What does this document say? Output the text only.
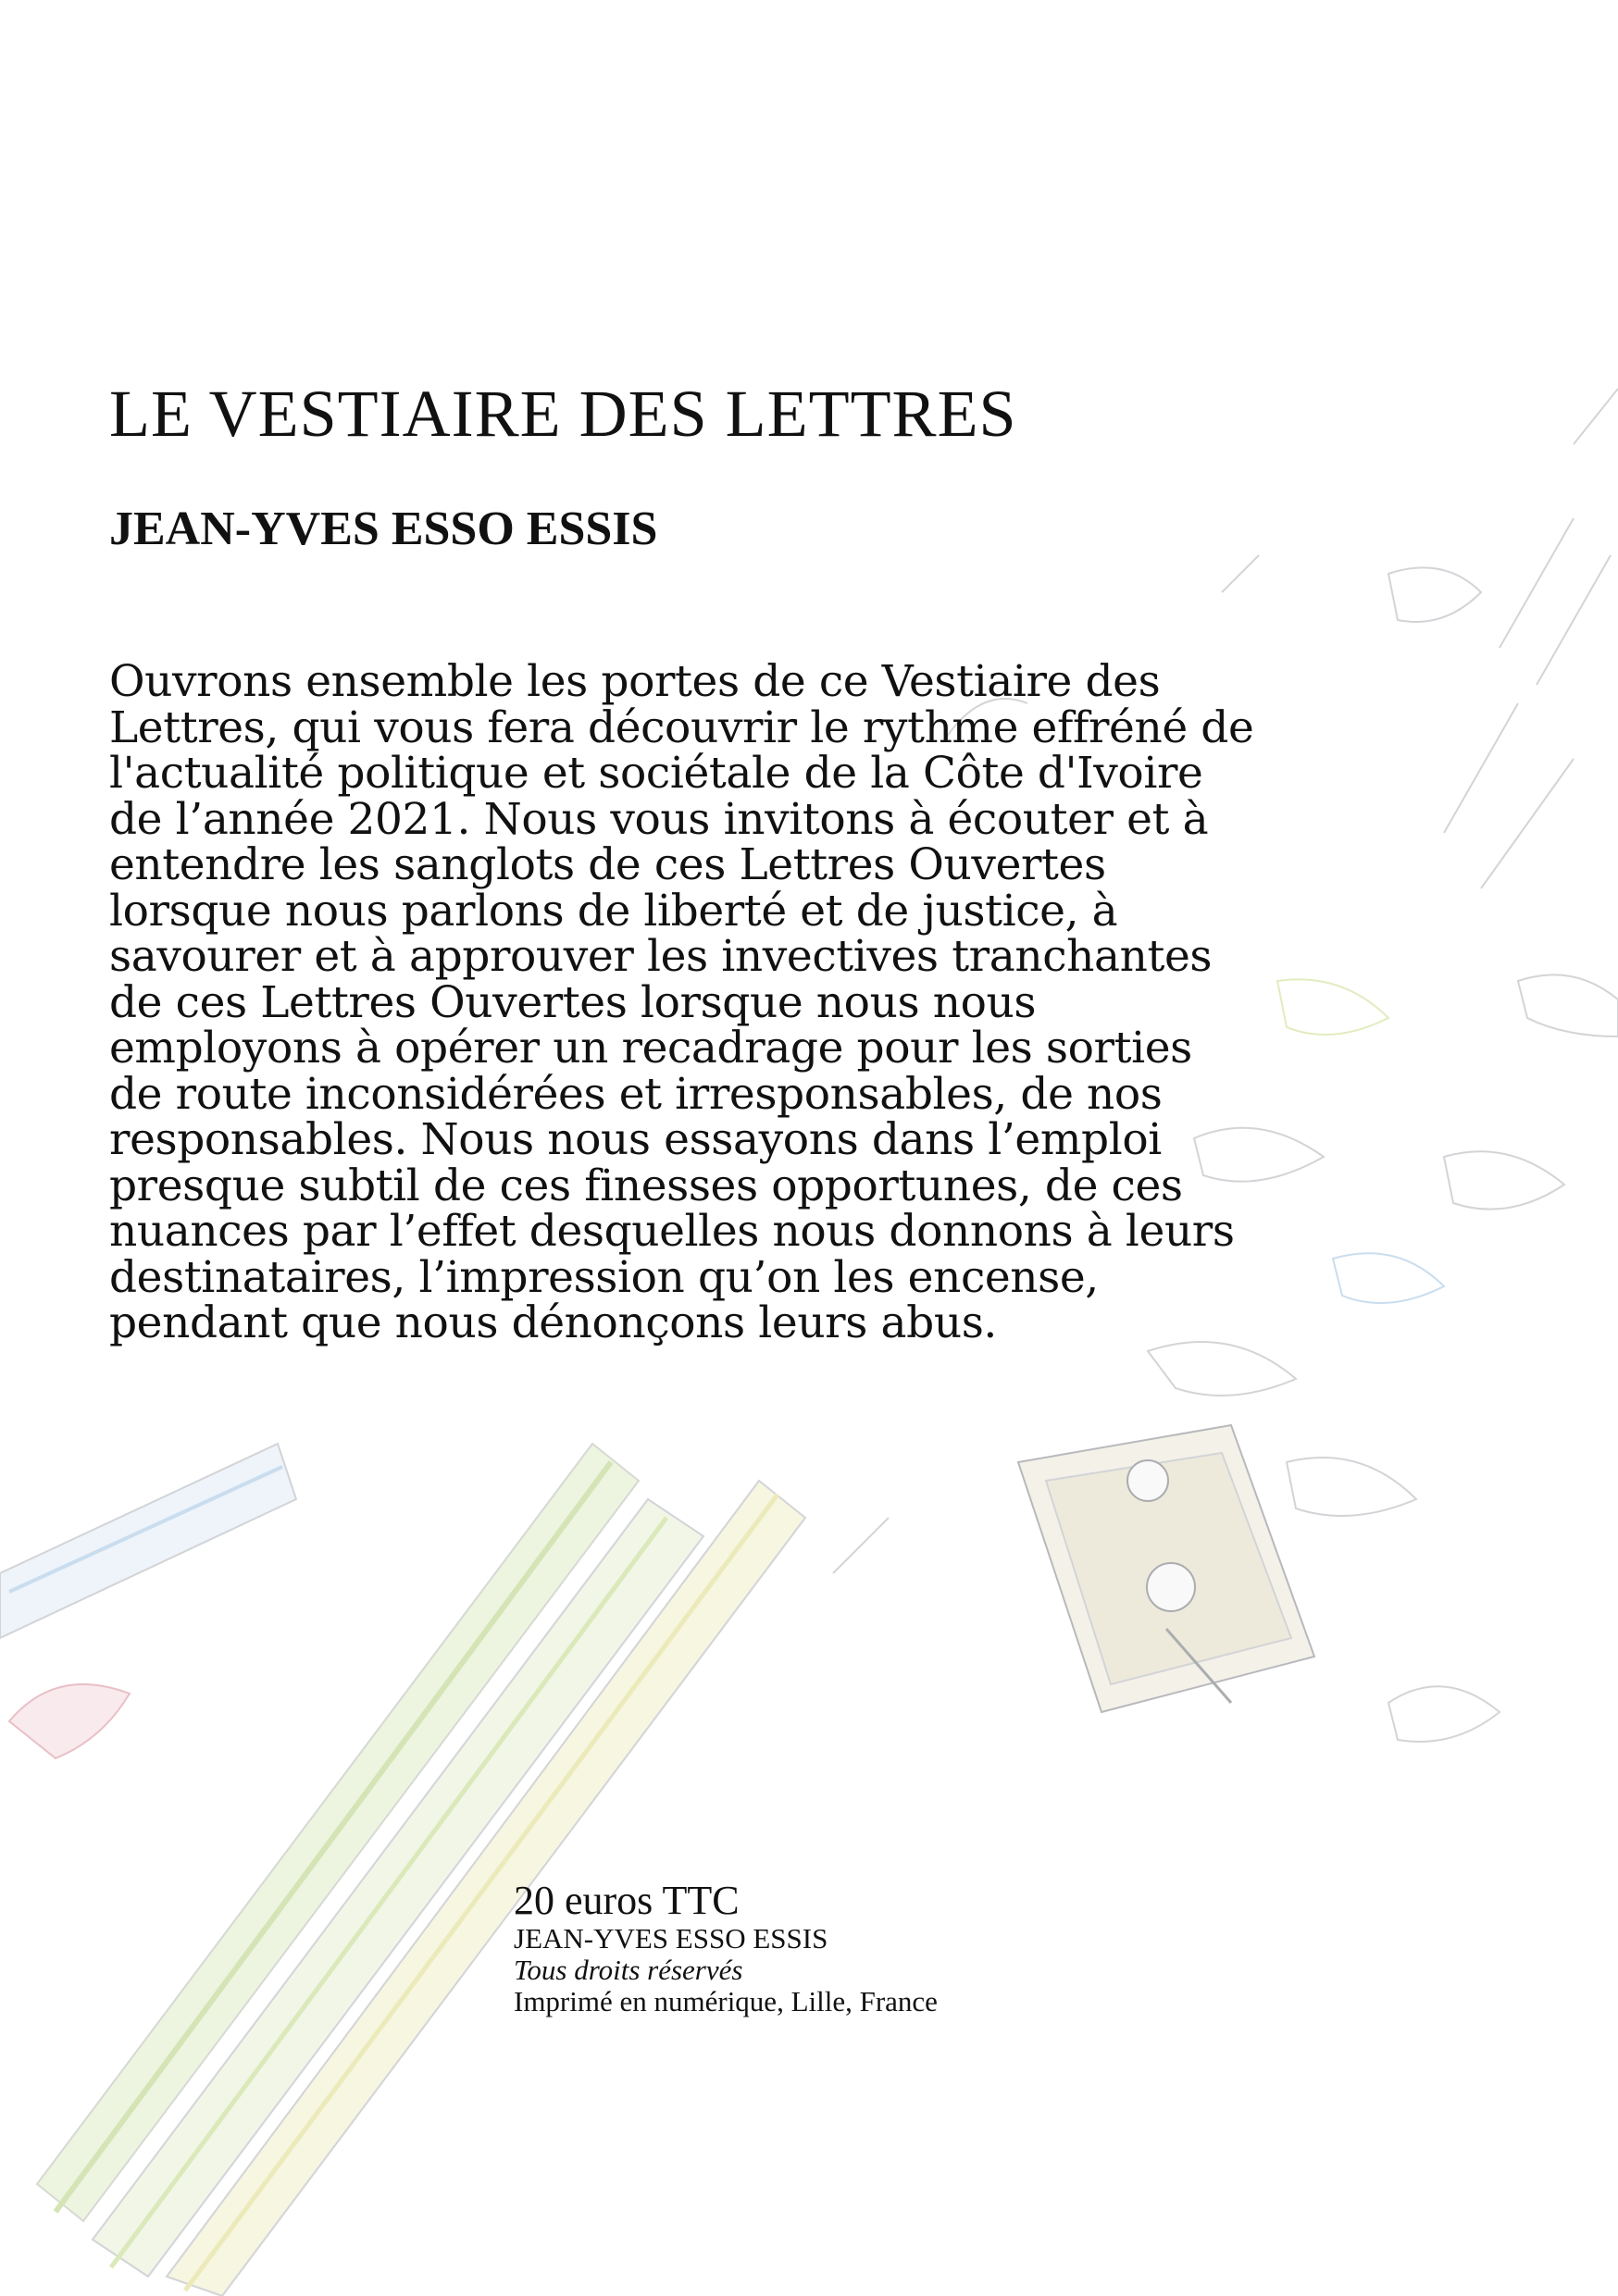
LE VESTIAIRE DES LETTRES
JEAN-YVES ESSO ESSIS

Ouvrons ensemble les portes de ce Vestiaire des Lettres, qui vous fera découvrir le rythme effréné de l'actualité politique et sociétale de la Côte d'Ivoire de l’année 2021. Nous vous invitons à écouter et à entendre les sanglots de ces Lettres Ouvertes lorsque nous parlons de liberté et de justice, à savourer et à approuver les invectives tranchantes de ces Lettres Ouvertes lorsque nous nous employons à opérer un recadrage pour les sorties de route inconsidérées et irresponsables, de nos responsables. Nous nous essayons dans l’emploi presque subtil de ces finesses opportunes, de ces nuances par l’effet desquelles nous donnons à leurs destinataires, l’impression qu’on les encense, pendant que nous dénonçons leurs abus.

20 euros TTC
JEAN-YVES ESSO ESSIS
Tous droits réservés
Imprimé en numérique, Lille, France
